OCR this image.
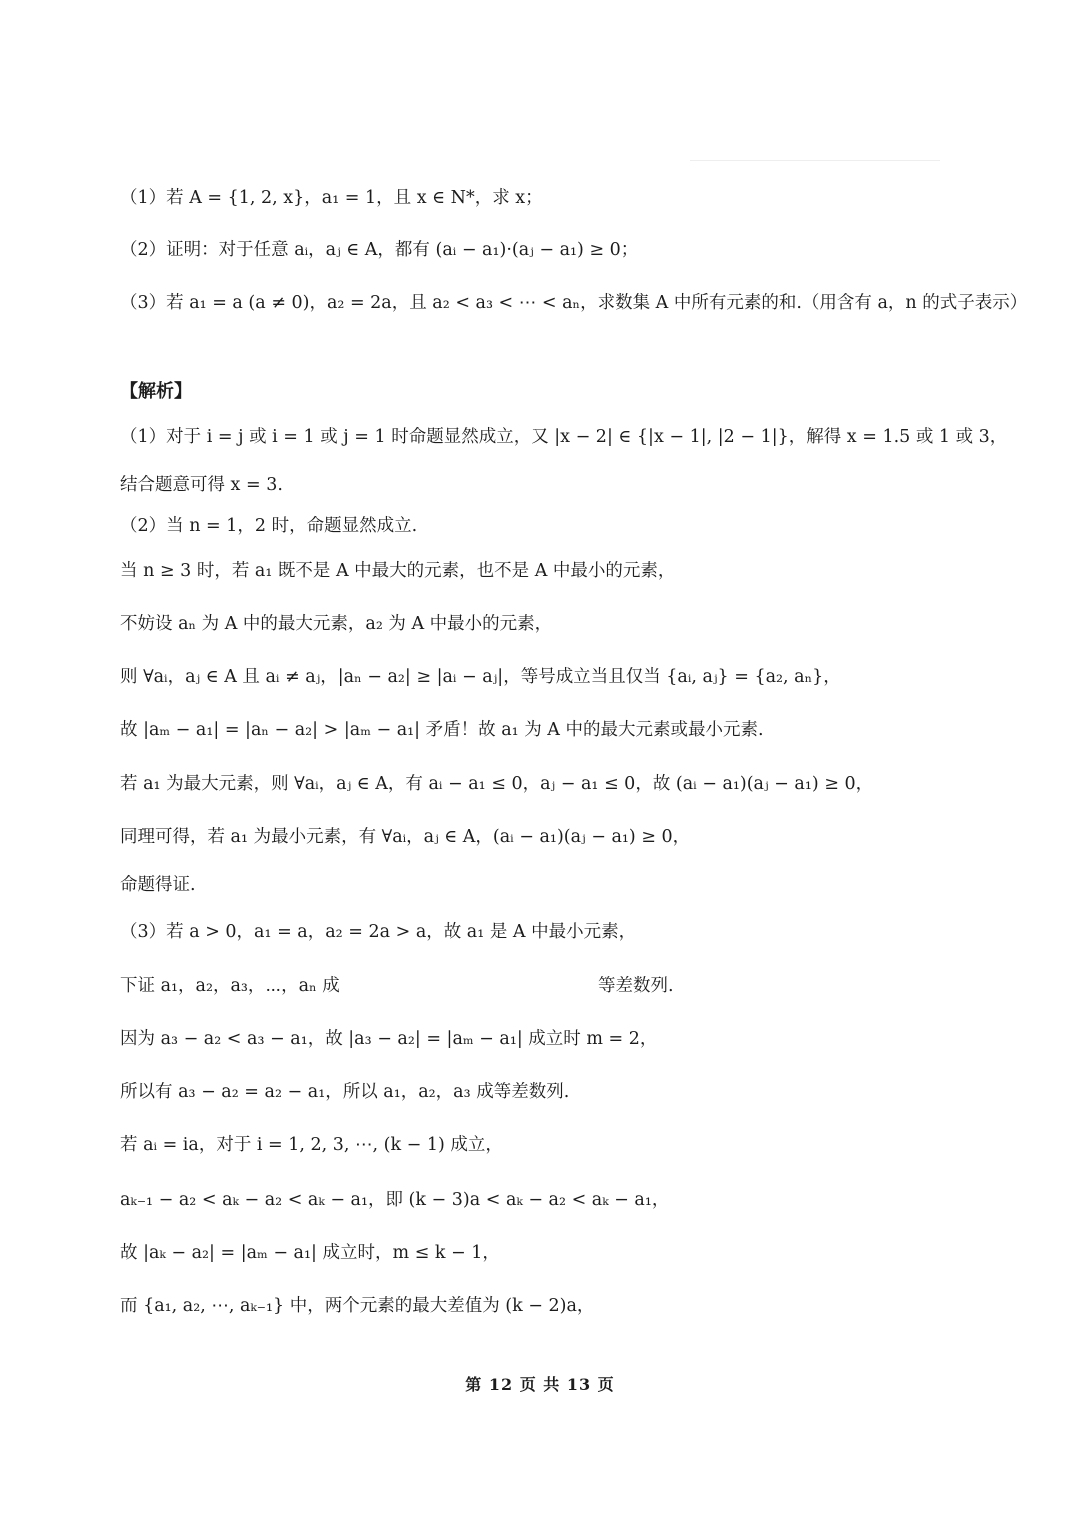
（1）若 A = {1, 2, x}，a₁ = 1，且 x ∈ N*，求 x；
（2）证明：对于任意 aᵢ，aⱼ ∈ A，都有 (aᵢ − a₁)·(aⱼ − a₁) ≥ 0；
（3）若 a₁ = a (a ≠ 0)，a₂ = 2a，且 a₂ < a₃ < ⋯ < aₙ，求数集 A 中所有元素的和.（用含有 a，n 的式子表示）
【解析】
（1）对于 i = j 或 i = 1 或 j = 1 时命题显然成立，又 |x − 2| ∈ {|x − 1|, |2 − 1|}，解得 x = 1.5 或 1 或 3，
结合题意可得 x = 3.
（2）当 n = 1，2 时，命题显然成立.
当 n ≥ 3 时，若 a₁ 既不是 A 中最大的元素，也不是 A 中最小的元素，
不妨设 aₙ 为 A 中的最大元素，a₂ 为 A 中最小的元素，
则 ∀aᵢ，aⱼ ∈ A 且 aᵢ ≠ aⱼ，|aₙ − a₂| ≥ |aᵢ − aⱼ|，等号成立当且仅当 {aᵢ, aⱼ} = {a₂, aₙ}，
故 |aₘ − a₁| = |aₙ − a₂| > |aₘ − a₁| 矛盾！故 a₁ 为 A 中的最大元素或最小元素.
若 a₁ 为最大元素，则 ∀aᵢ，aⱼ ∈ A，有 aᵢ − a₁ ≤ 0，aⱼ − a₁ ≤ 0，故 (aᵢ − a₁)(aⱼ − a₁) ≥ 0，
同理可得，若 a₁ 为最小元素，有 ∀aᵢ，aⱼ ∈ A，(aᵢ − a₁)(aⱼ − a₁) ≥ 0，
命题得证.
（3）若 a > 0，a₁ = a，a₂ = 2a > a，故 a₁ 是 A 中最小元素，
下证 a₁，a₂，a₃，⋯，aₙ 成	等差数列.
因为 a₃ − a₂ < a₃ − a₁，故 |a₃ − a₂| = |aₘ − a₁| 成立时 m = 2，
所以有 a₃ − a₂ = a₂ − a₁，所以 a₁，a₂，a₃ 成等差数列.
若 aᵢ = ia，对于 i = 1, 2, 3, ⋯, (k − 1) 成立，
aₖ₋₁ − a₂ < aₖ − a₂ < aₖ − a₁，即 (k − 3)a < aₖ − a₂ < aₖ − a₁，
故 |aₖ − a₂| = |aₘ − a₁| 成立时，m ≤ k − 1，
而 {a₁, a₂, ⋯, aₖ₋₁} 中，两个元素的最大差值为 (k − 2)a，
第 12 页 共 13 页
